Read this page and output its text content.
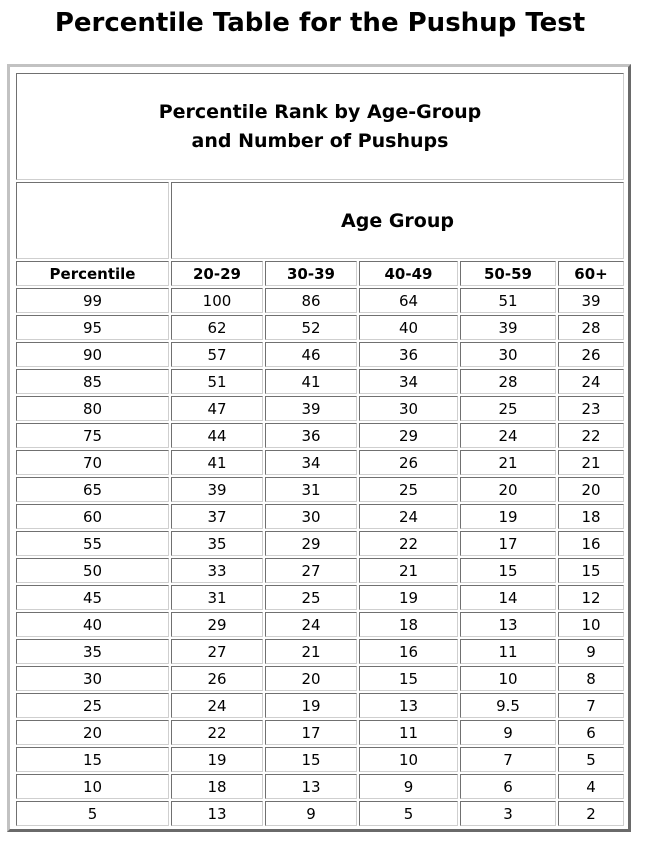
Percentile Table for the Pushup Test
Percentile Rank by Age-Group
and Number of Pushups					
	Age Group				
Percentile	20-29	30-39	40-49	50-59	60+
99	100	86	64	51	39
95	62	52	40	39	28
90	57	46	36	30	26
85	51	41	34	28	24
80	47	39	30	25	23
75	44	36	29	24	22
70	41	34	26	21	21
65	39	31	25	20	20
60	37	30	24	19	18
55	35	29	22	17	16
50	33	27	21	15	15
45	31	25	19	14	12
40	29	24	18	13	10
35	27	21	16	11	9
30	26	20	15	10	8
25	24	19	13	9.5	7
20	22	17	11	9	6
15	19	15	10	7	5
10	18	13	9	6	4
5	13	9	5	3	2
